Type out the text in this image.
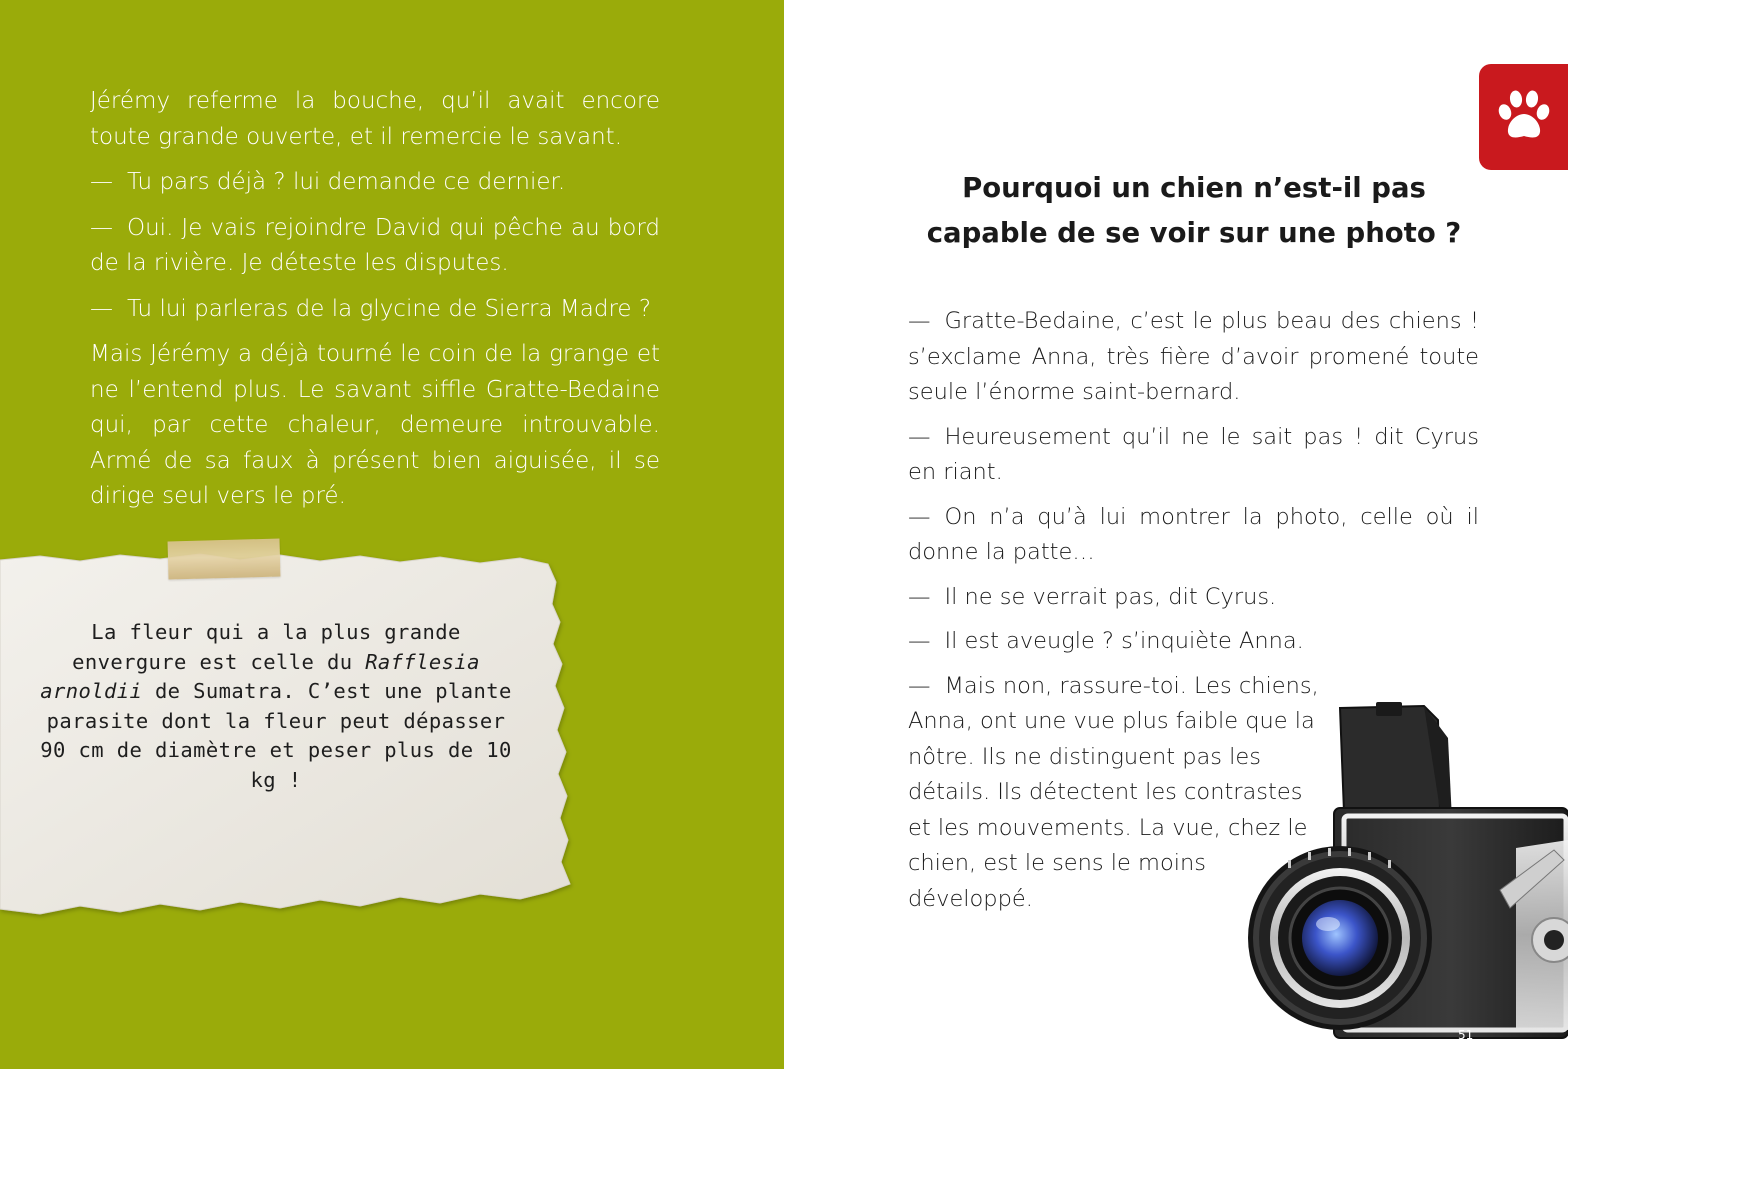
Jérémy referme la bouche, qu’il avait encore toute grande ouverte, et il remercie le savant.

— Tu pars déjà ? lui demande ce dernier.

— Oui. Je vais rejoindre David qui pêche au bord de la rivière. Je déteste les disputes.

— Tu lui parleras de la glycine de Sierra Madre ?

Mais Jérémy a déjà tourné le coin de la grange et ne l’entend plus. Le savant siffle Gratte-Bedaine qui, par cette chaleur, demeure introuvable. Armé de sa faux à présent bien aiguisée, il se dirige seul vers le pré.

La fleur qui a la plus grande envergure est celle du Rafflesia arnoldii de Sumatra. C’est une plante parasite dont la fleur peut dépasser 90 cm de diamètre et peser plus de 10 kg !
Pourquoi un chien n’est-il pas
capable de se voir sur une photo ?

— Gratte-Bedaine, c’est le plus beau des chiens ! s’exclame Anna, très fière d’avoir promené toute seule l’énorme saint-bernard.

— Heureusement qu’il ne le sait pas ! dit Cyrus en riant.

— On n’a qu’à lui montrer la photo, celle où il donne la patte…

— Il ne se verrait pas, dit Cyrus.

— Il est aveugle ? s’inquiète Anna.

— Mais non, rassure-toi. Les chiens,
Anna, ont une vue plus faible que la nôtre. Ils ne distinguent pas les détails. Ils détectent les contrastes et les mouvements. La vue, chez le chien, est le sens le moins développé.

51
